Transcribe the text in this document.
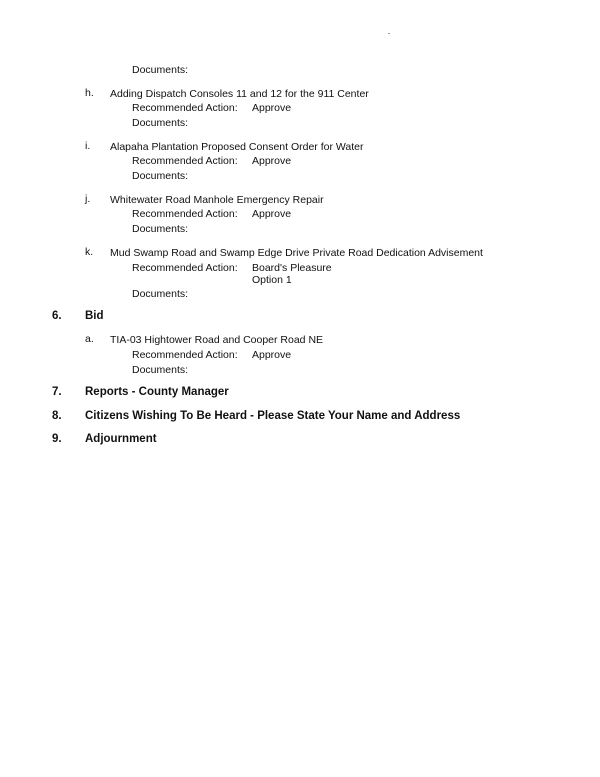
Documents:
h. Adding Dispatch Consoles 11 and 12 for the 911 Center
Recommended Action: Approve
Documents:
i. Alapaha Plantation Proposed Consent Order for Water
Recommended Action: Approve
Documents:
j. Whitewater Road Manhole Emergency Repair
Recommended Action: Approve
Documents:
k. Mud Swamp Road and Swamp Edge Drive Private Road Dedication Advisement
Recommended Action: Board's Pleasure
Option 1
Documents:
6. Bid
a. TIA-03 Hightower Road and Cooper Road NE
Recommended Action: Approve
Documents:
7. Reports - County Manager
8. Citizens Wishing To Be Heard - Please State Your Name and Address
9. Adjournment
